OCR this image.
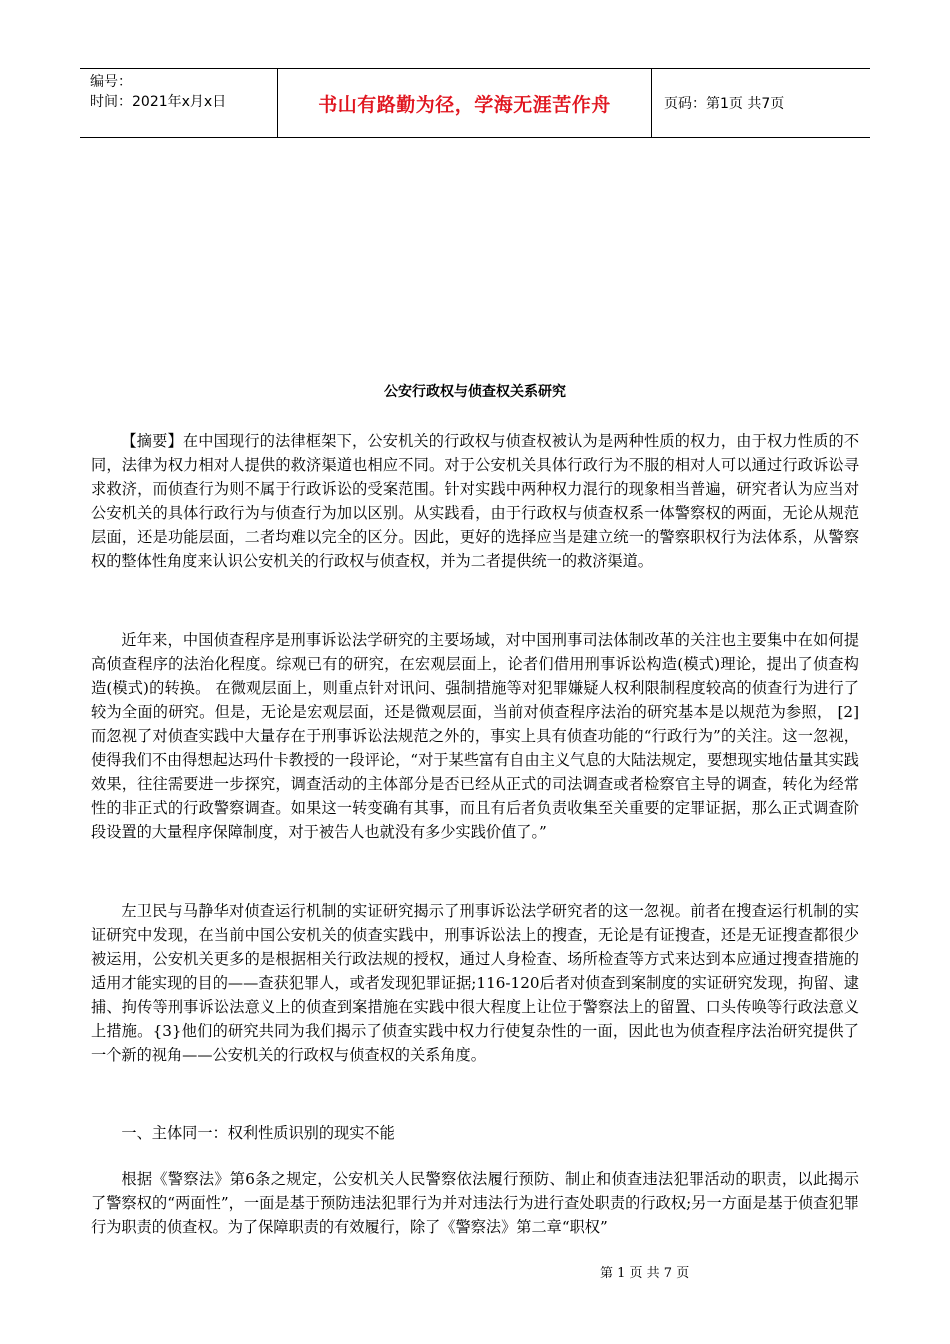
编号：
时间：2021年x月x日	书山有路勤为径，学海无涯苦作舟	页码：第1页 共7页
公安行政权与侦查权关系研究

【摘要】在中国现行的法律框架下，公安机关的行政权与侦查权被认为是两种性质的权力，由于权力性质的不同，法律为权力相对人提供的救济渠道也相应不同。对于公安机关具体行政行为不服的相对人可以通过行政诉讼寻求救济，而侦查行为则不属于行政诉讼的受案范围。针对实践中两种权力混行的现象相当普遍，研究者认为应当对公安机关的具体行政行为与侦查行为加以区别。从实践看，由于行政权与侦查权系一体警察权的两面，无论从规范层面，还是功能层面，二者均难以完全的区分。因此，更好的选择应当是建立统一的警察职权行为法体系，从警察权的整体性角度来认识公安机关的行政权与侦查权，并为二者提供统一的救济渠道。

近年来，中国侦查程序是刑事诉讼法学研究的主要场域，对中国刑事司法体制改革的关注也主要集中在如何提高侦查程序的法治化程度。综观已有的研究，在宏观层面上，论者们借用刑事诉讼构造(模式)理论，提出了侦查构造(模式)的转换。 在微观层面上，则重点针对讯问、强制措施等对犯罪嫌疑人权利限制程度较高的侦查行为进行了较为全面的研究。但是，无论是宏观层面，还是微观层面，当前对侦查程序法治的研究基本是以规范为参照， [2]而忽视了对侦查实践中大量存在于刑事诉讼法规范之外的，事实上具有侦查功能的“行政行为”的关注。这一忽视，使得我们不由得想起达玛什卡教授的一段评论，“对于某些富有自由主义气息的大陆法规定，要想现实地估量其实践效果，往往需要进一步探究，调查活动的主体部分是否已经从正式的司法调查或者检察官主导的调查，转化为经常性的非正式的行政警察调查。如果这一转变确有其事，而且有后者负责收集至关重要的定罪证据，那么正式调查阶段设置的大量程序保障制度，对于被告人也就没有多少实践价值了。”

左卫民与马静华对侦查运行机制的实证研究揭示了刑事诉讼法学研究者的这一忽视。前者在搜查运行机制的实证研究中发现，在当前中国公安机关的侦查实践中，刑事诉讼法上的搜查，无论是有证搜查，还是无证搜查都很少被运用，公安机关更多的是根据相关行政法规的授权，通过人身检查、场所检查等方式来达到本应通过搜查措施的适用才能实现的目的——查获犯罪人，或者发现犯罪证据;116-120后者对侦查到案制度的实证研究发现，拘留、逮捕、拘传等刑事诉讼法意义上的侦查到案措施在实践中很大程度上让位于警察法上的留置、口头传唤等行政法意义上措施。{3}他们的研究共同为我们揭示了侦查实践中权力行使复杂性的一面，因此也为侦查程序法治研究提供了一个新的视角——公安机关的行政权与侦查权的关系角度。

一、主体同一：权利性质识别的现实不能

根据《警察法》第6条之规定，公安机关人民警察依法履行预防、制止和侦查违法犯罪活动的职责，以此揭示了警察权的“两面性”，一面是基于预防违法犯罪行为并对违法行为进行查处职责的行政权;另一方面是基于侦查犯罪行为职责的侦查权。为了保障职责的有效履行，除了《警察法》第二章“职权”

第 1 页 共 7 页
